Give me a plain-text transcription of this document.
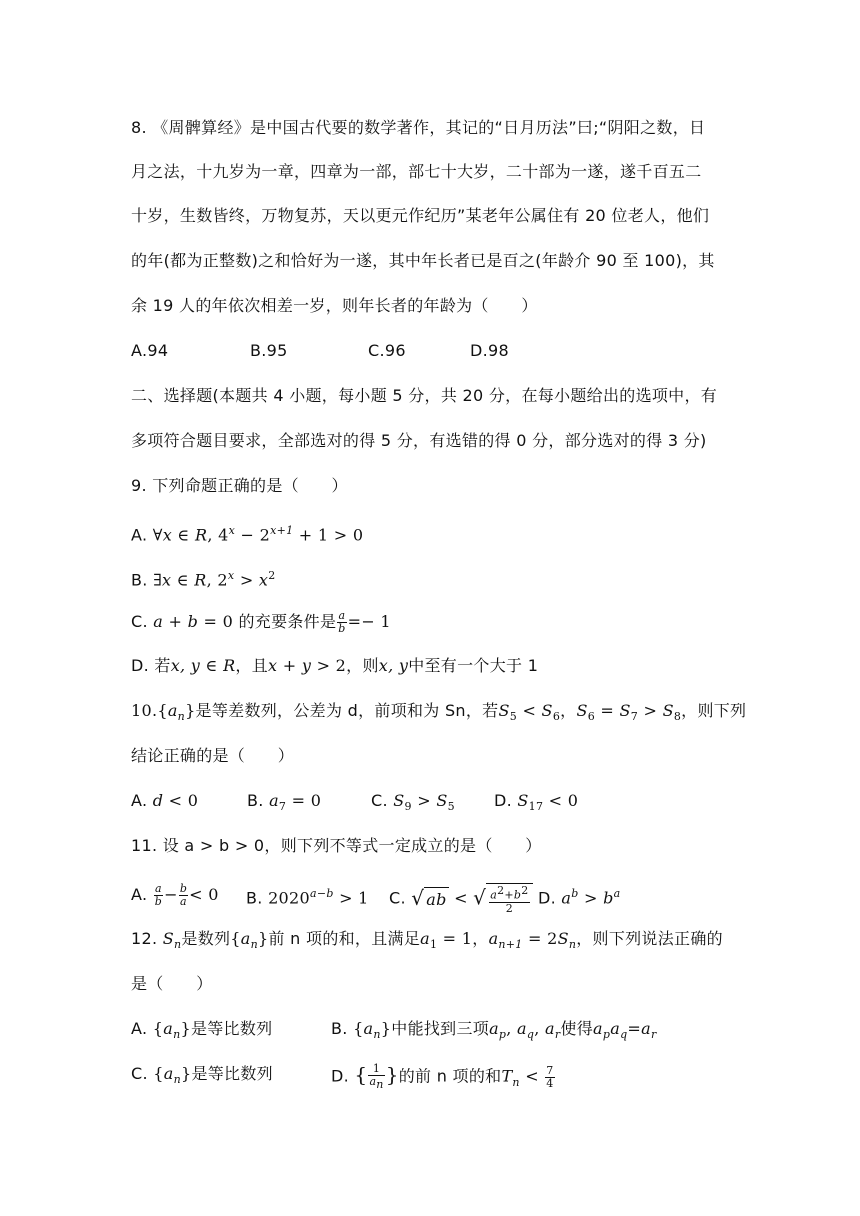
8. 《周髀算经》是中国古代要的数学著作，其记的“日月历法”曰;“阴阳之数，日
月之法，十九岁为一章，四章为一部，部七十大岁，二十部为一遂，遂千百五二
十岁，生数皆终，万物复苏，天以更元作纪历”某老年公属住有 20 位老人，他们
的年(都为正整数)之和恰好为一遂，其中年长者已是百之(年龄介 90 至 100)，其
余 19 人的年依次相差一岁，则年长者的年龄为（　　）
A.94	B.95	C.96	D.98
二、选择题(本题共 4 小题，每小题 5 分，共 20 分，在每小题给出的选项中，有
多项符合题目要求，全部选对的得 5 分，有选错的得 0 分，部分选对的得 3 分)
9. 下列命题正确的是（　　）
A. ∀x ∈ R, $4^x - 2^{x+1} + 1 > 0$
B. ∃x ∈ R, $2^x > x^2$
C. a + b = 0 的充要条件是 $\frac{a}{b} =- 1$
D. 若x, y ∈ R，且x + y > 2，则x, y中至有一个大于 1
$10.\{a_n\}$是等差数列，公差为 d，前项和为 Sn，若$S_5 < S_6$，$S_6 = S_7 > S_8$，则下列
结论正确的是（　　）
A. d < 0	B. $a_7 = 0$	C. $S_9 > S_5$ D. $S_{17} < 0$
11. 设 a > b > 0，则下列不等式一定成立的是（　　）
A. $\frac{a}{b} - \frac{b}{a} < 0$ B. $2020^{a-b} > 1$ C. √ ab < √ $\frac{a^2+b^2}{2} D$. $a^b > b^a$
12. $S_n$是数列$\{a_n\}$前 n 项的和，且满足$a_1 = 1$，$a_{n+1} = 2S_n$，则下列说法正确的
是（　　）
A. $\{a_n\}$是等比数列	B. $\{a_n\}$中能找到三项$a_p$, $a_q$, $a_r$使得$a_pa_q=a_r$
C. $\{a_n\}$是等比数列	D. { $\frac{1}{a_n}$ }的前 n 项的和$T_n < \frac{7}{4}$
